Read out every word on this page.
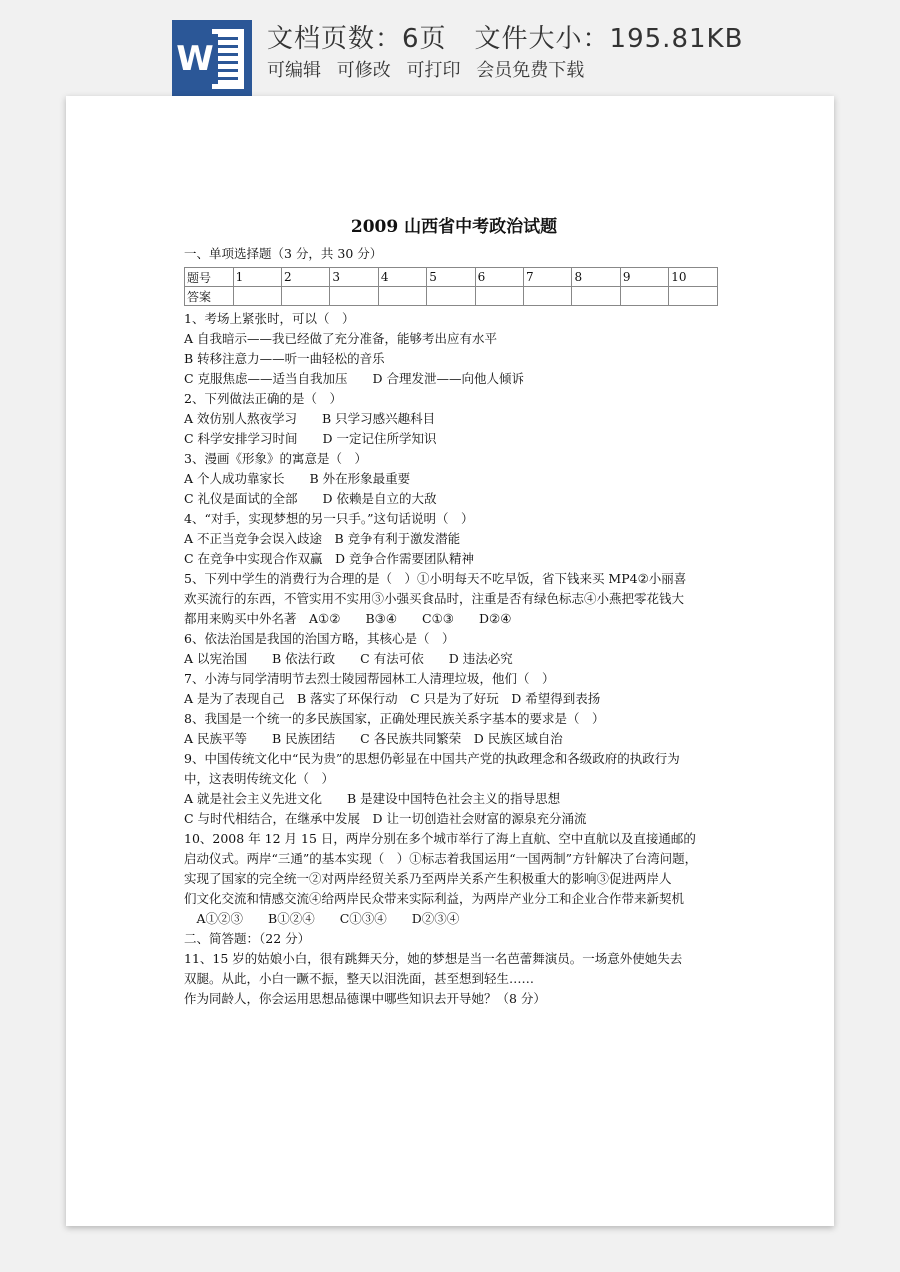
W 文档页数：6页 文件大小：195.81KB
可编辑 可修改 可打印 会员免费下载
2009 山西省中考政治试题
一、单项选择题（3 分，共 30 分）
题号	1	2	3	4	5	6	7	8	9	10
答案										
1、考场上紧张时，可以（　）
A 自我暗示——我已经做了充分准备，能够考出应有水平
B 转移注意力——听一曲轻松的音乐
C 克服焦虑——适当自我加压　　D 合理发泄——向他人倾诉
2、下列做法正确的是（　）
A 效仿别人熬夜学习　　B 只学习感兴趣科目
C 科学安排学习时间　　D 一定记住所学知识
3、漫画《形象》的寓意是（　）
A 个人成功靠家长　　B 外在形象最重要
C 礼仪是面试的全部　　D 依赖是自立的大敌
4、“对手，实现梦想的另一只手。”这句话说明（　）
A 不正当竞争会误入歧途　B 竞争有利于激发潜能
C 在竞争中实现合作双赢　D 竞争合作需要团队精神
5、下列中学生的消费行为合理的是（　）①小明每天不吃早饭，省下钱来买 MP4②小丽喜
欢买流行的东西，不管实用不实用③小强买食品时，注重是否有绿色标志④小燕把零花钱大
都用来购买中外名著　A①②　　B③④　　C①③　　D②④
6、依法治国是我国的治国方略，其核心是（　）
A 以宪治国　　B 依法行政　　C 有法可依　　D 违法必究
7、小涛与同学清明节去烈士陵园帮园林工人清理垃圾，他们（　）
A 是为了表现自己　B 落实了环保行动　C 只是为了好玩　D 希望得到表扬
8、我国是一个统一的多民族国家，正确处理民族关系字基本的要求是（　）
A 民族平等　　B 民族团结　　C 各民族共同繁荣　D 民族区域自治
9、中国传统文化中“民为贵”的思想仍彰显在中国共产党的执政理念和各级政府的执政行为
中，这表明传统文化（　）
A 就是社会主义先进文化　　B 是建设中国特色社会主义的指导思想
C 与时代相结合，在继承中发展　D 让一切创造社会财富的源泉充分涌流
10、2008 年 12 月 15 日，两岸分别在多个城市举行了海上直航、空中直航以及直接通邮的
启动仪式。两岸“三通”的基本实现（　）①标志着我国运用“一国两制”方针解决了台湾问题，
实现了国家的完全统一②对两岸经贸关系乃至两岸关系产生积极重大的影响③促进两岸人
们文化交流和情感交流④给两岸民众带来实际利益，为两岸产业分工和企业合作带来新契机
　A①②③　　B①②④　　C①③④　　D②③④
二、简答题：（22 分）
11、15 岁的姑娘小白，很有跳舞天分，她的梦想是当一名芭蕾舞演员。一场意外使她失去
双腿。从此，小白一蹶不振，整天以泪洗面，甚至想到轻生……
作为同龄人，你会运用思想品德课中哪些知识去开导她？（8 分）
